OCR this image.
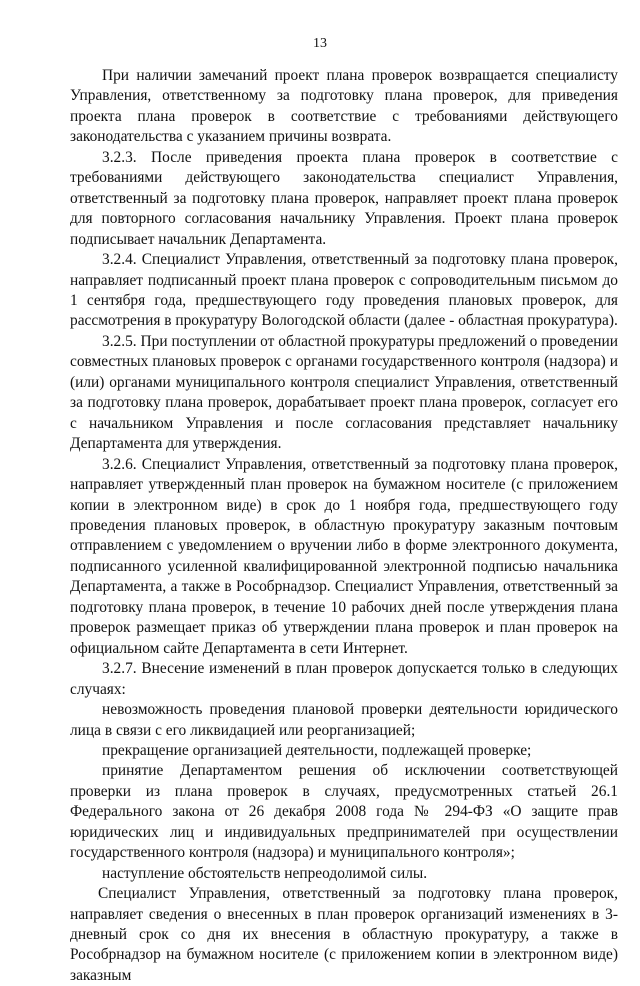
13

При наличии замечаний проект плана проверок возвращается специалисту Управления, ответственному за подготовку плана проверок, для приведения проекта плана проверок в соответствие с требованиями действующего законодательства с указанием причины возврата.

3.2.3. После приведения проекта плана проверок в соответствие с требованиями действующего законодательства специалист Управления, ответственный за подготовку плана проверок, направляет проект плана проверок для повторного согласования начальнику Управления. Проект плана проверок подписывает начальник Департамента.

3.2.4. Специалист Управления, ответственный за подготовку плана проверок, направляет подписанный проект плана проверок с сопроводительным письмом до 1 сентября года, предшествующего году проведения плановых проверок, для рассмотрения в прокуратуру Вологодской области (далее - областная прокуратура).

3.2.5. При поступлении от областной прокуратуры предложений о проведении совместных плановых проверок с органами государственного контроля (надзора) и (или) органами муниципального контроля специалист Управления, ответственный за подготовку плана проверок, дорабатывает проект плана проверок, согласует его с начальником Управления и после согласования представляет начальнику Департамента для утверждения.

3.2.6. Специалист Управления, ответственный за подготовку плана проверок, направляет утвержденный план проверок на бумажном носителе (с приложением копии в электронном виде) в срок до 1 ноября года, предшествующего году проведения плановых проверок, в областную прокуратуру заказным почтовым отправлением с уведомлением о вручении либо в форме электронного документа, подписанного усиленной квалифицированной электронной подписью начальника Департамента, а также в Рособрнадзор. Специалист Управления, ответственный за подготовку плана проверок, в течение 10 рабочих дней после утверждения плана проверок размещает приказ об утверждении плана проверок и план проверок на официальном сайте Департамента в сети Интернет.

3.2.7. Внесение изменений в план проверок допускается только в следующих случаях:

невозможность проведения плановой проверки деятельности юридического лица в связи с его ликвидацией или реорганизацией;

прекращение организацией деятельности, подлежащей проверке;

принятие Департаментом решения об исключении соответствующей проверки из плана проверок в случаях, предусмотренных статьей 26.1 Федерального закона от 26 декабря 2008 года № 294-ФЗ «О защите прав юридических лиц и индивидуальных предпринимателей при осуществлении государственного контроля (надзора) и муниципального контроля»;

наступление обстоятельств непреодолимой силы.

Специалист Управления, ответственный за подготовку плана проверок, направляет сведения о внесенных в план проверок организаций изменениях в 3-дневный срок со дня их внесения в областную прокуратуру, а также в Рособрнадзор на бумажном носителе (с приложением копии в электронном виде) заказным
